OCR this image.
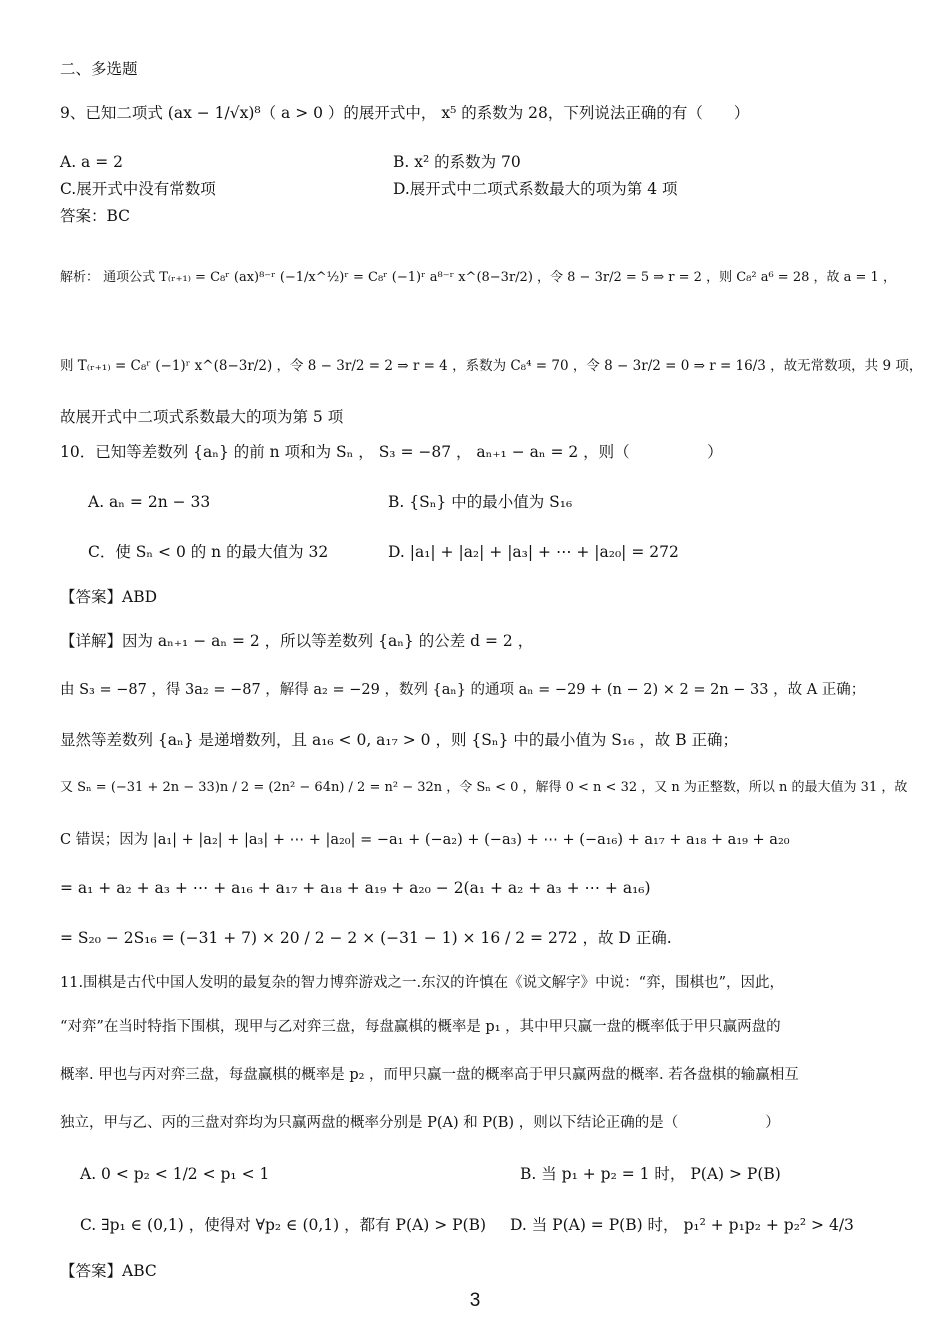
二、多选题
9、已知二项式 (ax − 1/√x)⁸（ a > 0 ）的展开式中， x⁵ 的系数为 28，下列说法正确的有（　　）
A. a = 2	B. x² 的系数为 70
C.展开式中没有常数项	D.展开式中二项式系数最大的项为第 4 项
答案：BC
解析： 通项公式 T₍ᵣ₊₁₎ = C₈ʳ (ax)⁸⁻ʳ (−1/x^½)ʳ = C₈ʳ (−1)ʳ a⁸⁻ʳ x^(8−3r/2) ，令 8 − 3r/2 = 5 ⇒ r = 2 ，则 C₈² a⁶ = 28 ，故 a = 1 ，
则 T₍ᵣ₊₁₎ = C₈ʳ (−1)ʳ x^(8−3r/2) ，令 8 − 3r/2 = 2 ⇒ r = 4 ，系数为 C₈⁴ = 70 ，令 8 − 3r/2 = 0 ⇒ r = 16/3 ，故无常数项，共 9 项，
故展开式中二项式系数最大的项为第 5 项
10．已知等差数列 {aₙ} 的前 n 项和为 Sₙ ， S₃ = −87 ， aₙ₊₁ − aₙ = 2 ，则（　　　　　）
A. aₙ = 2n − 33	B. {Sₙ} 中的最小值为 S₁₆
C．使 Sₙ < 0 的 n 的最大值为 32	D. |a₁| + |a₂| + |a₃| + ⋯ + |a₂₀| = 272
【答案】ABD
【详解】因为 aₙ₊₁ − aₙ = 2 ，所以等差数列 {aₙ} 的公差 d = 2 ，
由 S₃ = −87 ，得 3a₂ = −87 ，解得 a₂ = −29 ，数列 {aₙ} 的通项 aₙ = −29 + (n − 2) × 2 = 2n − 33 ，故 A 正确；
显然等差数列 {aₙ} 是递增数列，且 a₁₆ < 0, a₁₇ > 0 ，则 {Sₙ} 中的最小值为 S₁₆ ，故 B 正确；
又 Sₙ = (−31 + 2n − 33)n / 2 = (2n² − 64n) / 2 = n² − 32n ，令 Sₙ < 0 ，解得 0 < n < 32 ，又 n 为正整数，所以 n 的最大值为 31 ，故
C 错误；因为 |a₁| + |a₂| + |a₃| + ⋯ + |a₂₀| = −a₁ + (−a₂) + (−a₃) + ⋯ + (−a₁₆) + a₁₇ + a₁₈ + a₁₉ + a₂₀
= a₁ + a₂ + a₃ + ⋯ + a₁₆ + a₁₇ + a₁₈ + a₁₉ + a₂₀ − 2(a₁ + a₂ + a₃ + ⋯ + a₁₆)
= S₂₀ − 2S₁₆ = (−31 + 7) × 20 / 2 − 2 × (−31 − 1) × 16 / 2 = 272 ，故 D 正确.
11.围棋是古代中国人发明的最复杂的智力博弈游戏之一.东汉的许慎在《说文解字》中说：“弈，围棋也”，因此，
“对弈”在当时特指下围棋，现甲与乙对弈三盘，每盘赢棋的概率是 p₁ ，其中甲只赢一盘的概率低于甲只赢两盘的
概率. 甲也与丙对弈三盘，每盘赢棋的概率是 p₂ ，而甲只赢一盘的概率高于甲只赢两盘的概率. 若各盘棋的输赢相互
独立，甲与乙、丙的三盘对弈均为只赢两盘的概率分别是 P(A) 和 P(B) ，则以下结论正确的是（　　　　　　）
A. 0 < p₂ < 1/2 < p₁ < 1	B. 当 p₁ + p₂ = 1 时， P(A) > P(B)
C. ∃p₁ ∈ (0,1) ，使得对 ∀p₂ ∈ (0,1) ，都有 P(A) > P(B) D. 当 P(A) = P(B) 时， p₁² + p₁p₂ + p₂² > 4/3
【答案】ABC
3
